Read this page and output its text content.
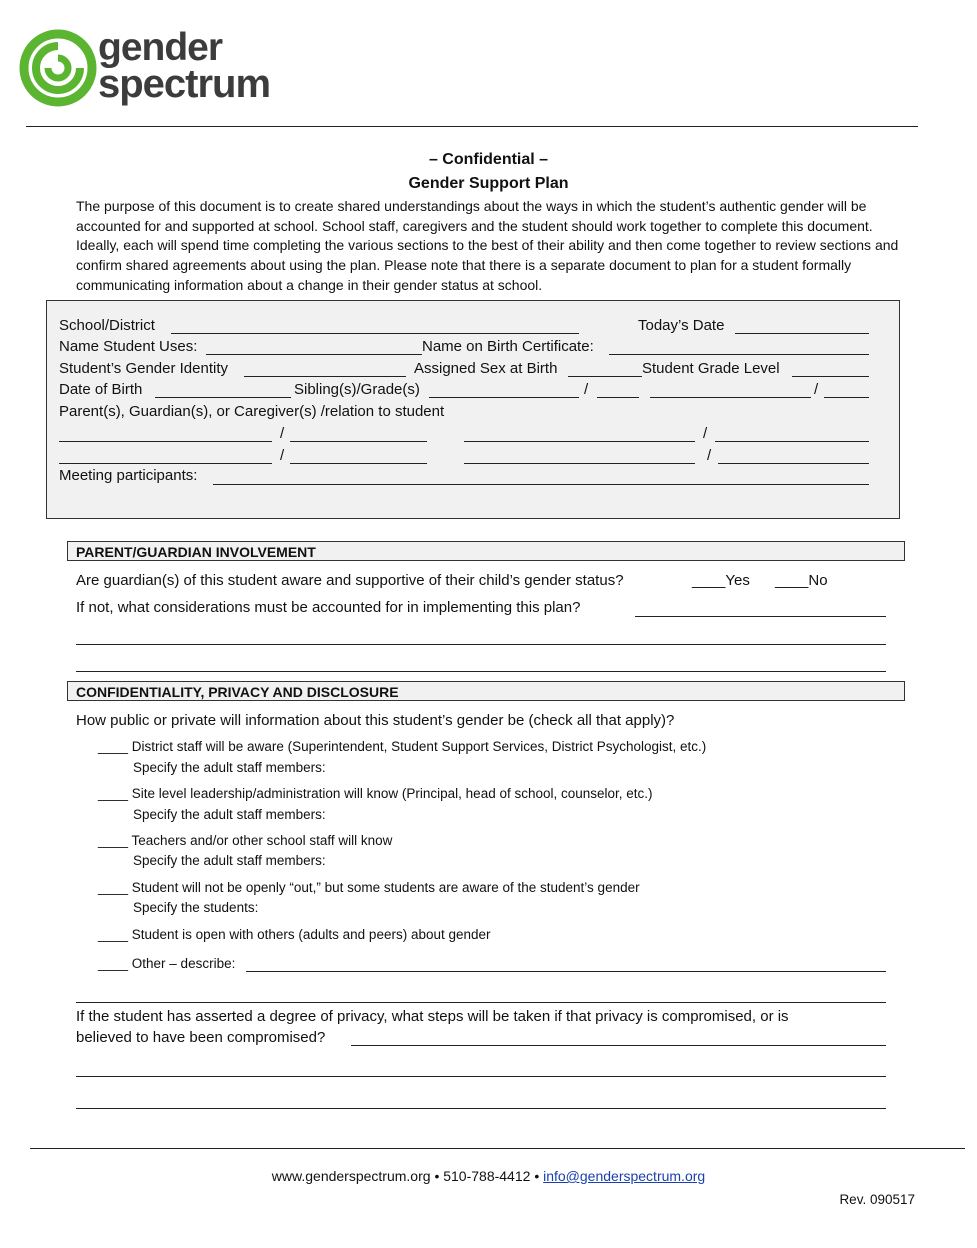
gender
spectrum
– Confidential –
Gender Support Plan
The purpose of this document is to create shared understandings about the ways in which the student’s authentic gender will be accounted for and supported at school. School staff, caregivers and the student should work together to complete this document. Ideally, each will spend time completing the various sections to the best of their ability and then come together to review sections and confirm shared agreements about using the plan. Please note that there is a separate document to plan for a student formally communicating information about a change in their gender status at school.
School/District	Today’s Date
Name Student Uses:	Name on Birth Certificate:
Student’s Gender Identity	Assigned Sex at Birth	Student Grade Level
Date of Birth	Sibling(s)/Grade(s)	/	/
Parent(s), Guardian(s), or Caregiver(s) /relation to student
/	/
/	/
Meeting participants:
PARENT/GUARDIAN INVOLVEMENT
Are guardian(s) of this student aware and supportive of their child’s gender status?	____Yes ____No
If not, what considerations must be accounted for in implementing this plan?
CONFIDENTIALITY, PRIVACY AND DISCLOSURE
How public or private will information about this student’s gender be (check all that apply)?
____ District staff will be aware (Superintendent, Student Support Services, District Psychologist, etc.)
Specify the adult staff members:
____ Site level leadership/administration will know (Principal, head of school, counselor, etc.)
Specify the adult staff members:
____ Teachers and/or other school staff will know
Specify the adult staff members:
____ Student will not be openly “out,” but some students are aware of the student’s gender
Specify the students:
____ Student is open with others (adults and peers) about gender
____ Other – describe:
If the student has asserted a degree of privacy, what steps will be taken if that privacy is compromised, or is
believed to have been compromised?
www.genderspectrum.org • 510-788-4412 • info@genderspectrum.org
Rev. 090517
